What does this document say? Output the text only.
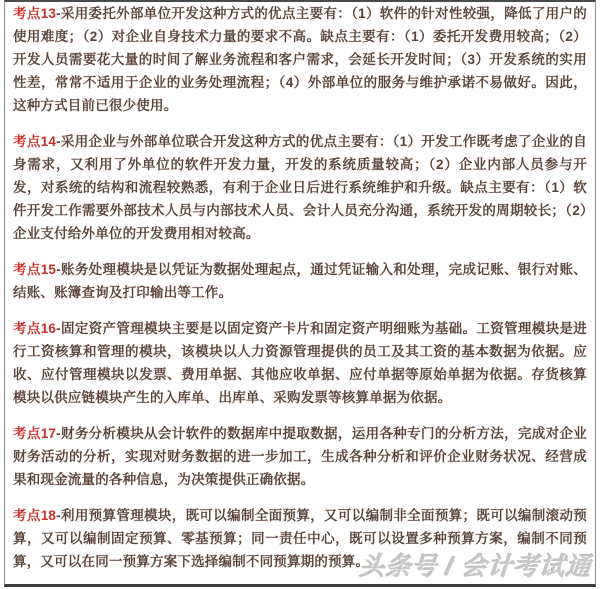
考点13-采用委托外部单位开发这种方式的优点主要有：（1）软件的针对性较强，降低了用户的使用难度；（2）对企业自身技术力量的要求不高。缺点主要有：（1）委托开发费用较高；（2）开发人员需要花大量的时间了解业务流程和客户需求，会延长开发时间；（3）开发系统的实用性差，常常不适用于企业的业务处理流程；（4）外部单位的服务与维护承诺不易做好。因此，这种方式目前已很少使用。

考点14-采用企业与外部单位联合开发这种方式的优点主要有：（1）开发工作既考虑了企业的自身需求，又利用了外单位的软件开发力量，开发的系统质量较高；（2）企业内部人员参与开发，对系统的结构和流程较熟悉，有利于企业日后进行系统维护和升级。缺点主要有：（1）软件开发工作需要外部技术人员与内部技术人员、会计人员充分沟通，系统开发的周期较长；（2）企业支付给外单位的开发费用相对较高。

考点15-账务处理模块是以凭证为数据处理起点，通过凭证输入和处理，完成记账、银行对账、结账、账簿查询及打印输出等工作。

考点16-固定资产管理模块主要是以固定资产卡片和固定资产明细账为基础。工资管理模块是进行工资核算和管理的模块，该模块以人力资源管理提供的员工及其工资的基本数据为依据。应收、应付管理模块以发票、费用单据、其他应收单据、应付单据等原始单据为依据。存货核算模块以供应链模块产生的入库单、出库单、采购发票等核算单据为依据。

考点17-财务分析模块从会计软件的数据库中提取数据，运用各种专门的分析方法，完成对企业财务活动的分析，实现对财务数据的进一步加工，生成各种分析和评价企业财务状况、经营成果和现金流量的各种信息，为决策提供正确依据。

考点18-利用预算管理模块，既可以编制全面预算，又可以编制非全面预算；既可以编制滚动预算，又可以编制固定预算、零基预算；同一责任中心，既可以设置多种预算方案，编制不同预算，又可以在同一预算方案下选择编制不同预算期的预算。

头条号 / 会计考试通
